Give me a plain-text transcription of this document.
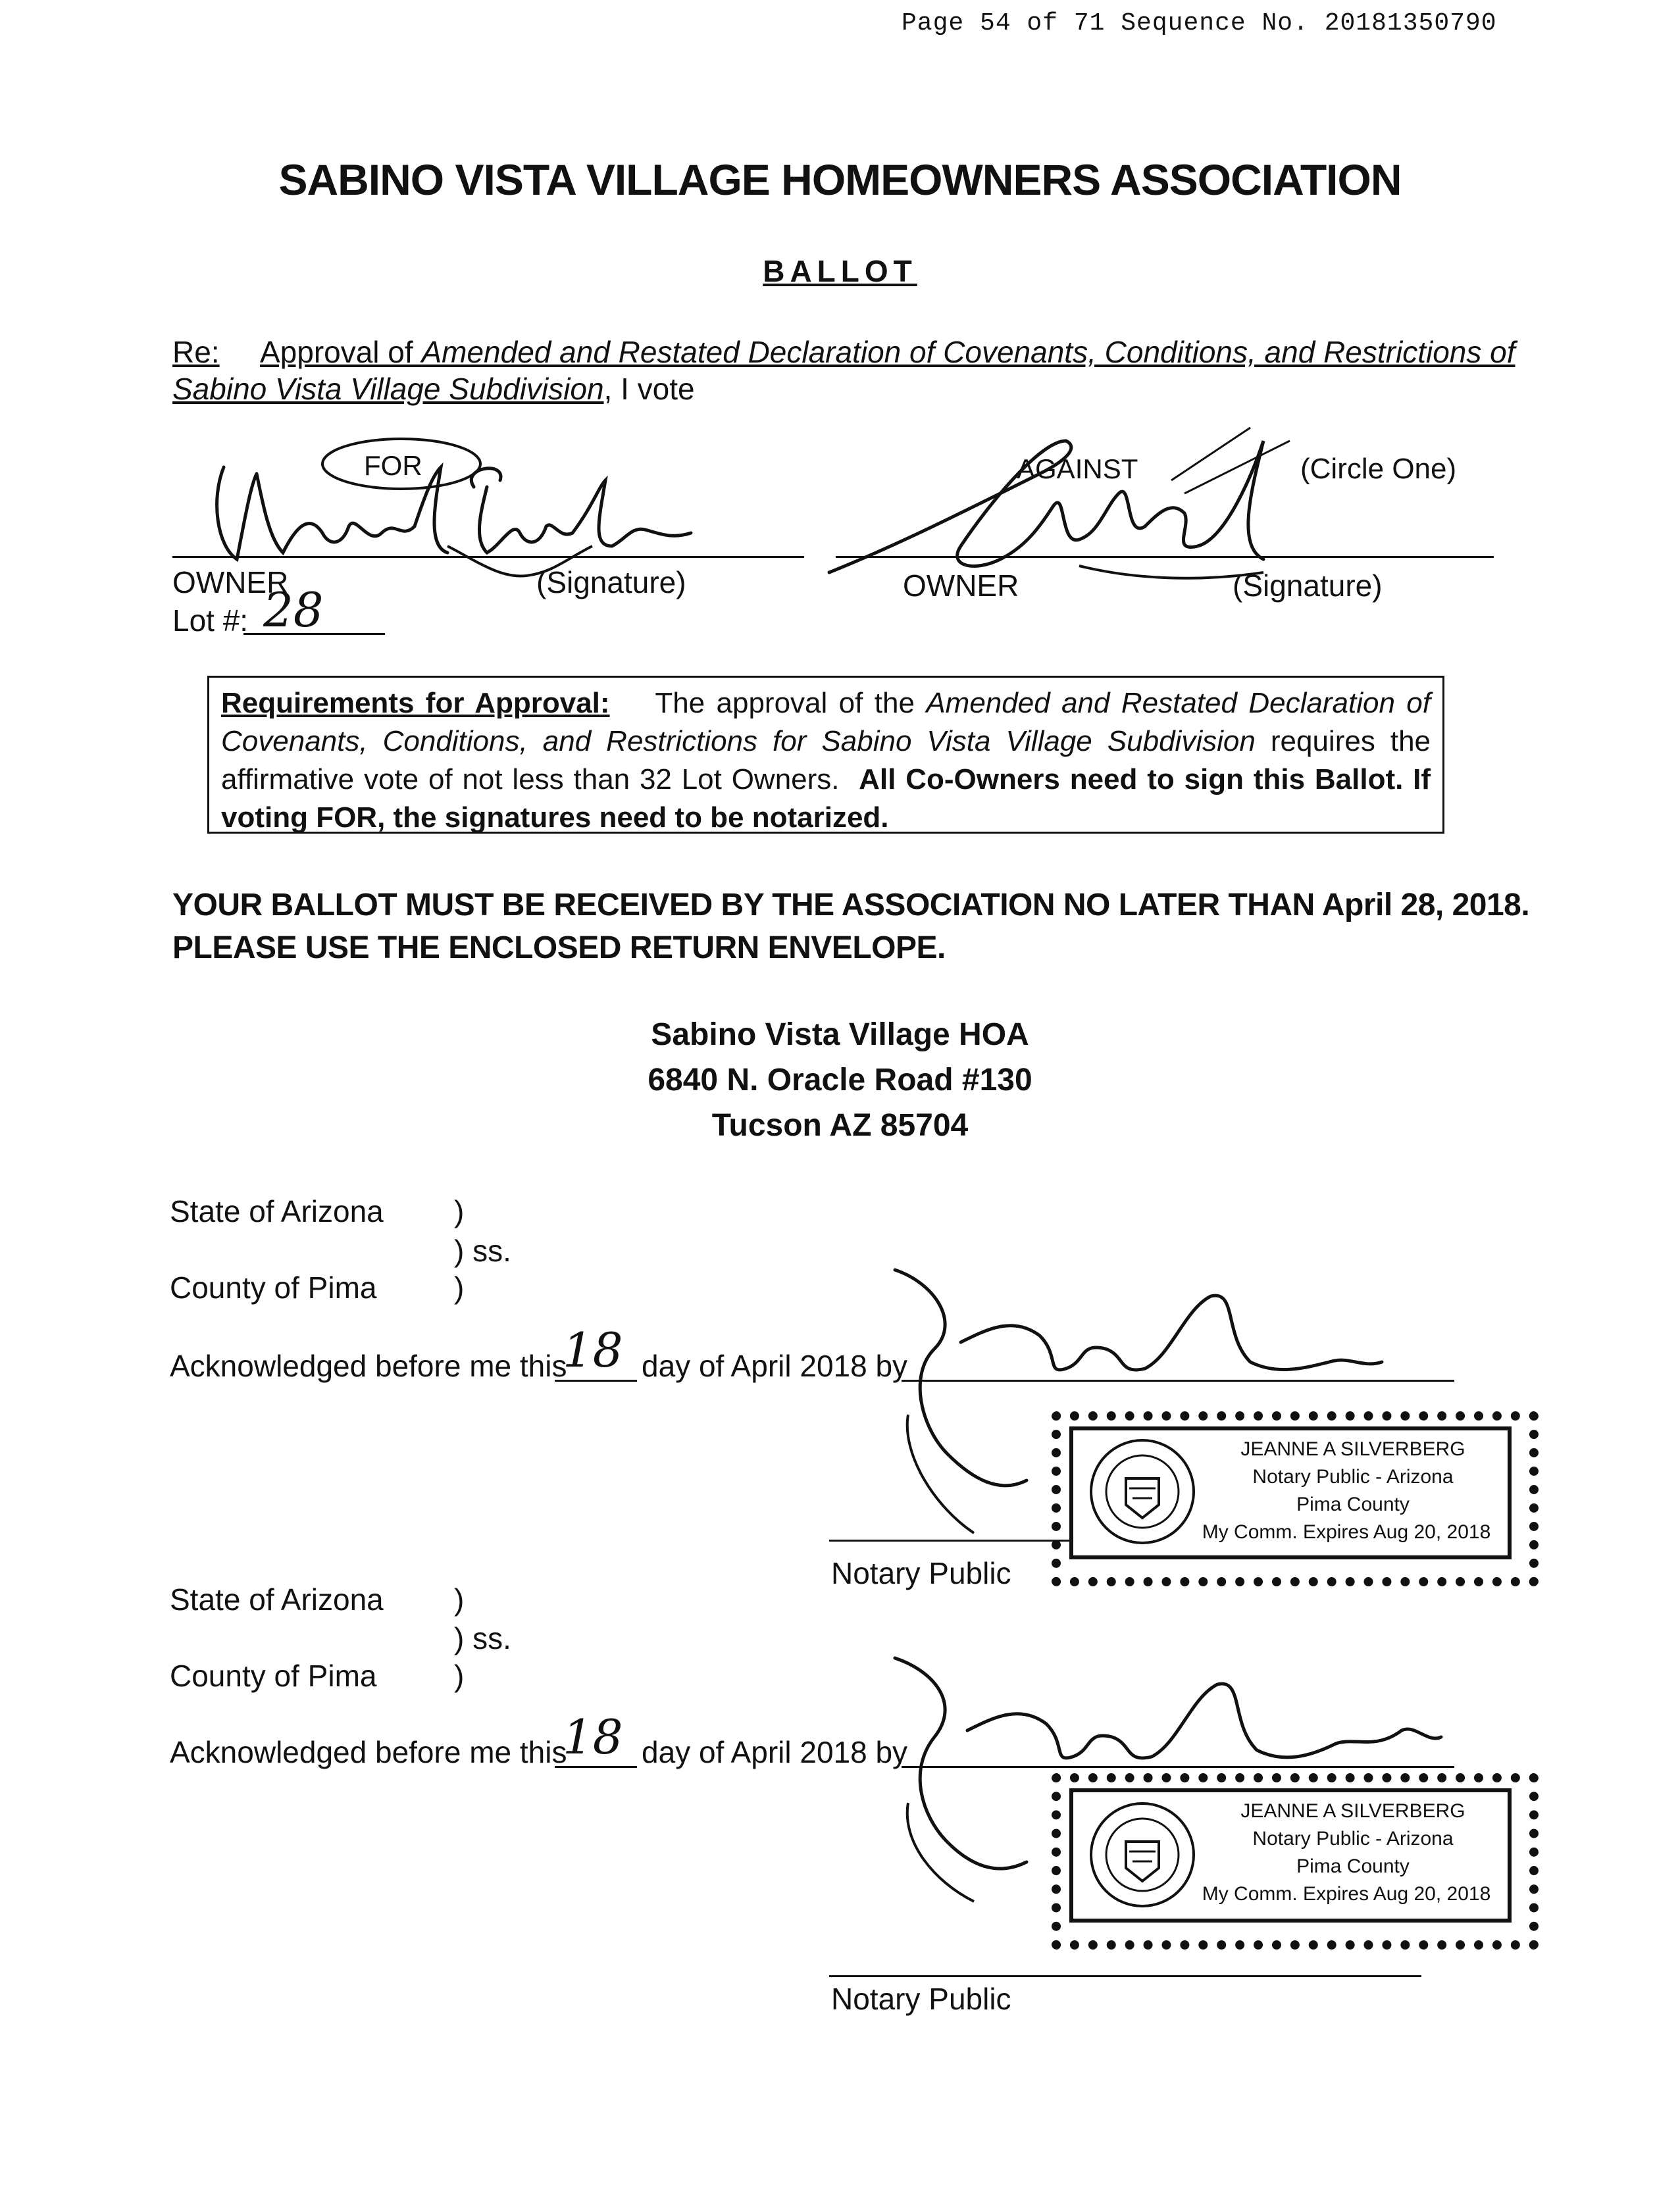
Page 54 of 71 Sequence No. 20181350790
SABINO VISTA VILLAGE HOMEOWNERS ASSOCIATION
BALLOT
Re: Approval of Amended and Restated Declaration of Covenants, Conditions, and Restrictions of
Sabino Vista Village Subdivision, I vote
FOR	AGAINST	(Circle One)
OWNER	(Signature)	OWNER	(Signature)
Lot #: 28
Requirements for Approval: The approval of the Amended and Restated Declaration of Covenants, Conditions, and Restrictions for Sabino Vista Village Subdivision requires the affirmative vote of not less than 32 Lot Owners. All Co-Owners need to sign this Ballot. If voting FOR, the signatures need to be notarized.
YOUR BALLOT MUST BE RECEIVED BY THE ASSOCIATION NO LATER THAN April 28, 2018.
PLEASE USE THE ENCLOSED RETURN ENVELOPE.
Sabino Vista Village HOA
6840 N. Oracle Road #130
Tucson AZ 85704
State of Arizona )
) ss.
County of Pima	)
Acknowledged before me this
18 day of April 2018 by
Notary Public
JEANNE A SILVERBERG
Notary Public - Arizona
Pima County
My Comm. Expires Aug 20, 2018
State of Arizona )
) ss.
County of Pima	)
Acknowledged before me this
18 day of April 2018 by
JEANNE A SILVERBERG
Notary Public - Arizona
Pima County
My Comm. Expires Aug 20, 2018
Notary Public
